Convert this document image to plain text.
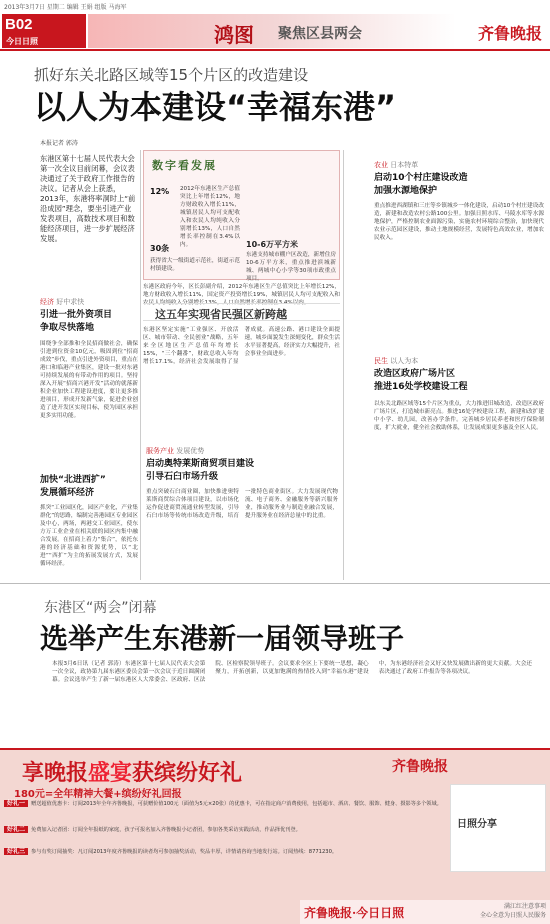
2013年3月7日 星期二 编辑 王娟 组版 马海军
B02
今日日照	鸿图 聚焦区县两会	齐鲁晚报
抓好东关北路区域等15个片区的改造建设
以人为本建设“幸福东港”
本报记者 郭涛
东港区第十七届人民代表大会第一次全议目前闭幕，会议表决通过了关于政府工作报告的决议。记者从会上获悉，2013年，东港将率洞时上“前沿成园”理念，要坐引进产业发表项目，高数技术项目和数能经济项目，进一步扩展经济发展。
经济 好中求快
引进一批外资项目
争取尽快落地
围绕争全部推和全民招商做社会，确保引进到位资金10亿元，吸固到位“招商成效”步伐，重点引进外资项目，重点在港口和临港产业集区，建设一批对东港可持续发展的有带动作用的项目。坚持深入开展“招商兴港开发”活动的就落新积企业加快工程建设进度，要让更多推进项目，形成开发新气象，促进企业创造了进开发区实现目标，使为园区承担更多实用功能。
加快“北进西扩”
发展循环经济
抓突“工业园区化，园区产业化，产业集群化”的思路，编制完善港园区专业园区及中心，两场，两港交工业园区，使东方万工业企业在相关联的园区内集中融合发展。在招商上着力“集合”，依托东港的经济基础和资源优势，以“北进”“西扩”为主的拓展发展方式，发展循环经济。
数字看发展
12% 2012年东港区生产总值突比上年增长12%，地方财政收入增长11%，城镇居民人均可支配收入和农民人均纯收入分别增长13%，人口自然增长率控制在3.4%以内。
30条
获得省大一级街道示范社，街道示范村镇建设。
10-6万平方米
东港支持城市棚户区改造，新增住房10-6万平方米，重点推进滨城新城、两城中心小学等30项市政重点项目。
东港区政府今年，区长彭副介绍，2012年东港区生产总值突比上年增长12%，地方财政收入增长11%，国定资产投资增长19%，城镇居民人均可支配收入和农民人均纯收入分别增长13%，人口自然增长率控制在3.4%以内。
这五年实现省民强区新跨越
东港区坚定实施“工业强区、开放活区、城市带动、全民创业”战略，五年来全区地区生产总值年均增长15%，“三个翻番”，财政总收入年均增长17.1%，经济社会发展取得了显著成就。高速公路、港口建设全面提速，城乡面貌发生深刻变化，群众生活水平显著提高，经济实力大幅提升，社会事业全面进步。
服务产业 发展优势
启动奥特莱斯商贸项目建设
引导石臼市场升级
重点突破石臼商业圈，加快推进奥特莱斯商贸综合体项目建设，以市场化运作促进商贸流通业转型发展，引导石臼市场等传统市场改造升级，培育一批特色商业街区。大力发展现代物流、电子商务、金融服务等新兴服务业，推动服务业与制造业融合发展，提升服务业在经济总量中的比重。
农业 日本特革
启动10个村庄建设改造
加强水源地保护
重点推进西湖镇和三庄等乡镇城乡一体化建设，启动10个村庄建设改造，新建和改造农村公路100公里。加强日照水库、马陵水库等水源地保护，严格控制农业面源污染，实施农村环境综合整治，加快现代农业示范园区建设，推动土地规模经营，发展特色高效农业，增加农民收入。
民生 以人为本
改造区政府广场片区
推进16处学校建设工程
以东关北路区域等15个片区为重点，大力推进旧城改造，改造区政府广场片区，打造城市新亮点。推进16处学校建设工程，新建和改扩建中小学、幼儿园，改善办学条件。完善城乡居民养老和医疗保险制度，扩大就业，健全社会救助体系，让发展成果更多惠及全区人民。
东港区“两会”闭幕
选举产生东港新一届领导班子
本报3月6日讯（记者 郭涛）东港区第十七届人民代表大会第一次全议，政协第九届东港区委员会第一次会议于近日圆满闭幕。会议选举产生了新一届东港区人大常委会、区政府、区法院、区检察院领导班子。会议要求全区上下要统一思想，凝心聚力，开拓创新，以更加饱满的热情投入到“幸福东港”建设中，为东港经济社会又好又快发展做出新的更大贡献。大会还表决通过了政府工作报告等各项决议。
享晚报盛宴获缤纷好礼	齐鲁晚报
180元=全年精神大餐+缤纷好礼回报
好礼一 赠送超值优惠卡：订阅2013年全年齐鲁晚报，可获赠价值100元（面值为5元×20张）的优惠卡，可在指定商户消费使用，包括超市、酒店、餐饮、服饰、健身、摄影等多个领域。
好礼二 免费加入记者团：订阅全年报纸的家庭，孩子可报名加入齐鲁晚报小记者团，参加各类采访实践活动，作品择优刊登。
好礼三 参与有奖订阅抽奖：凡订阅2013年度齐鲁晚报的读者均可参加抽奖活动，奖品丰厚，详情请咨询当地发行站。订阅热线：8771230。
日照分享
齐鲁晚报·今日日照	满江红注意事项
全心全意为日照人民服务
